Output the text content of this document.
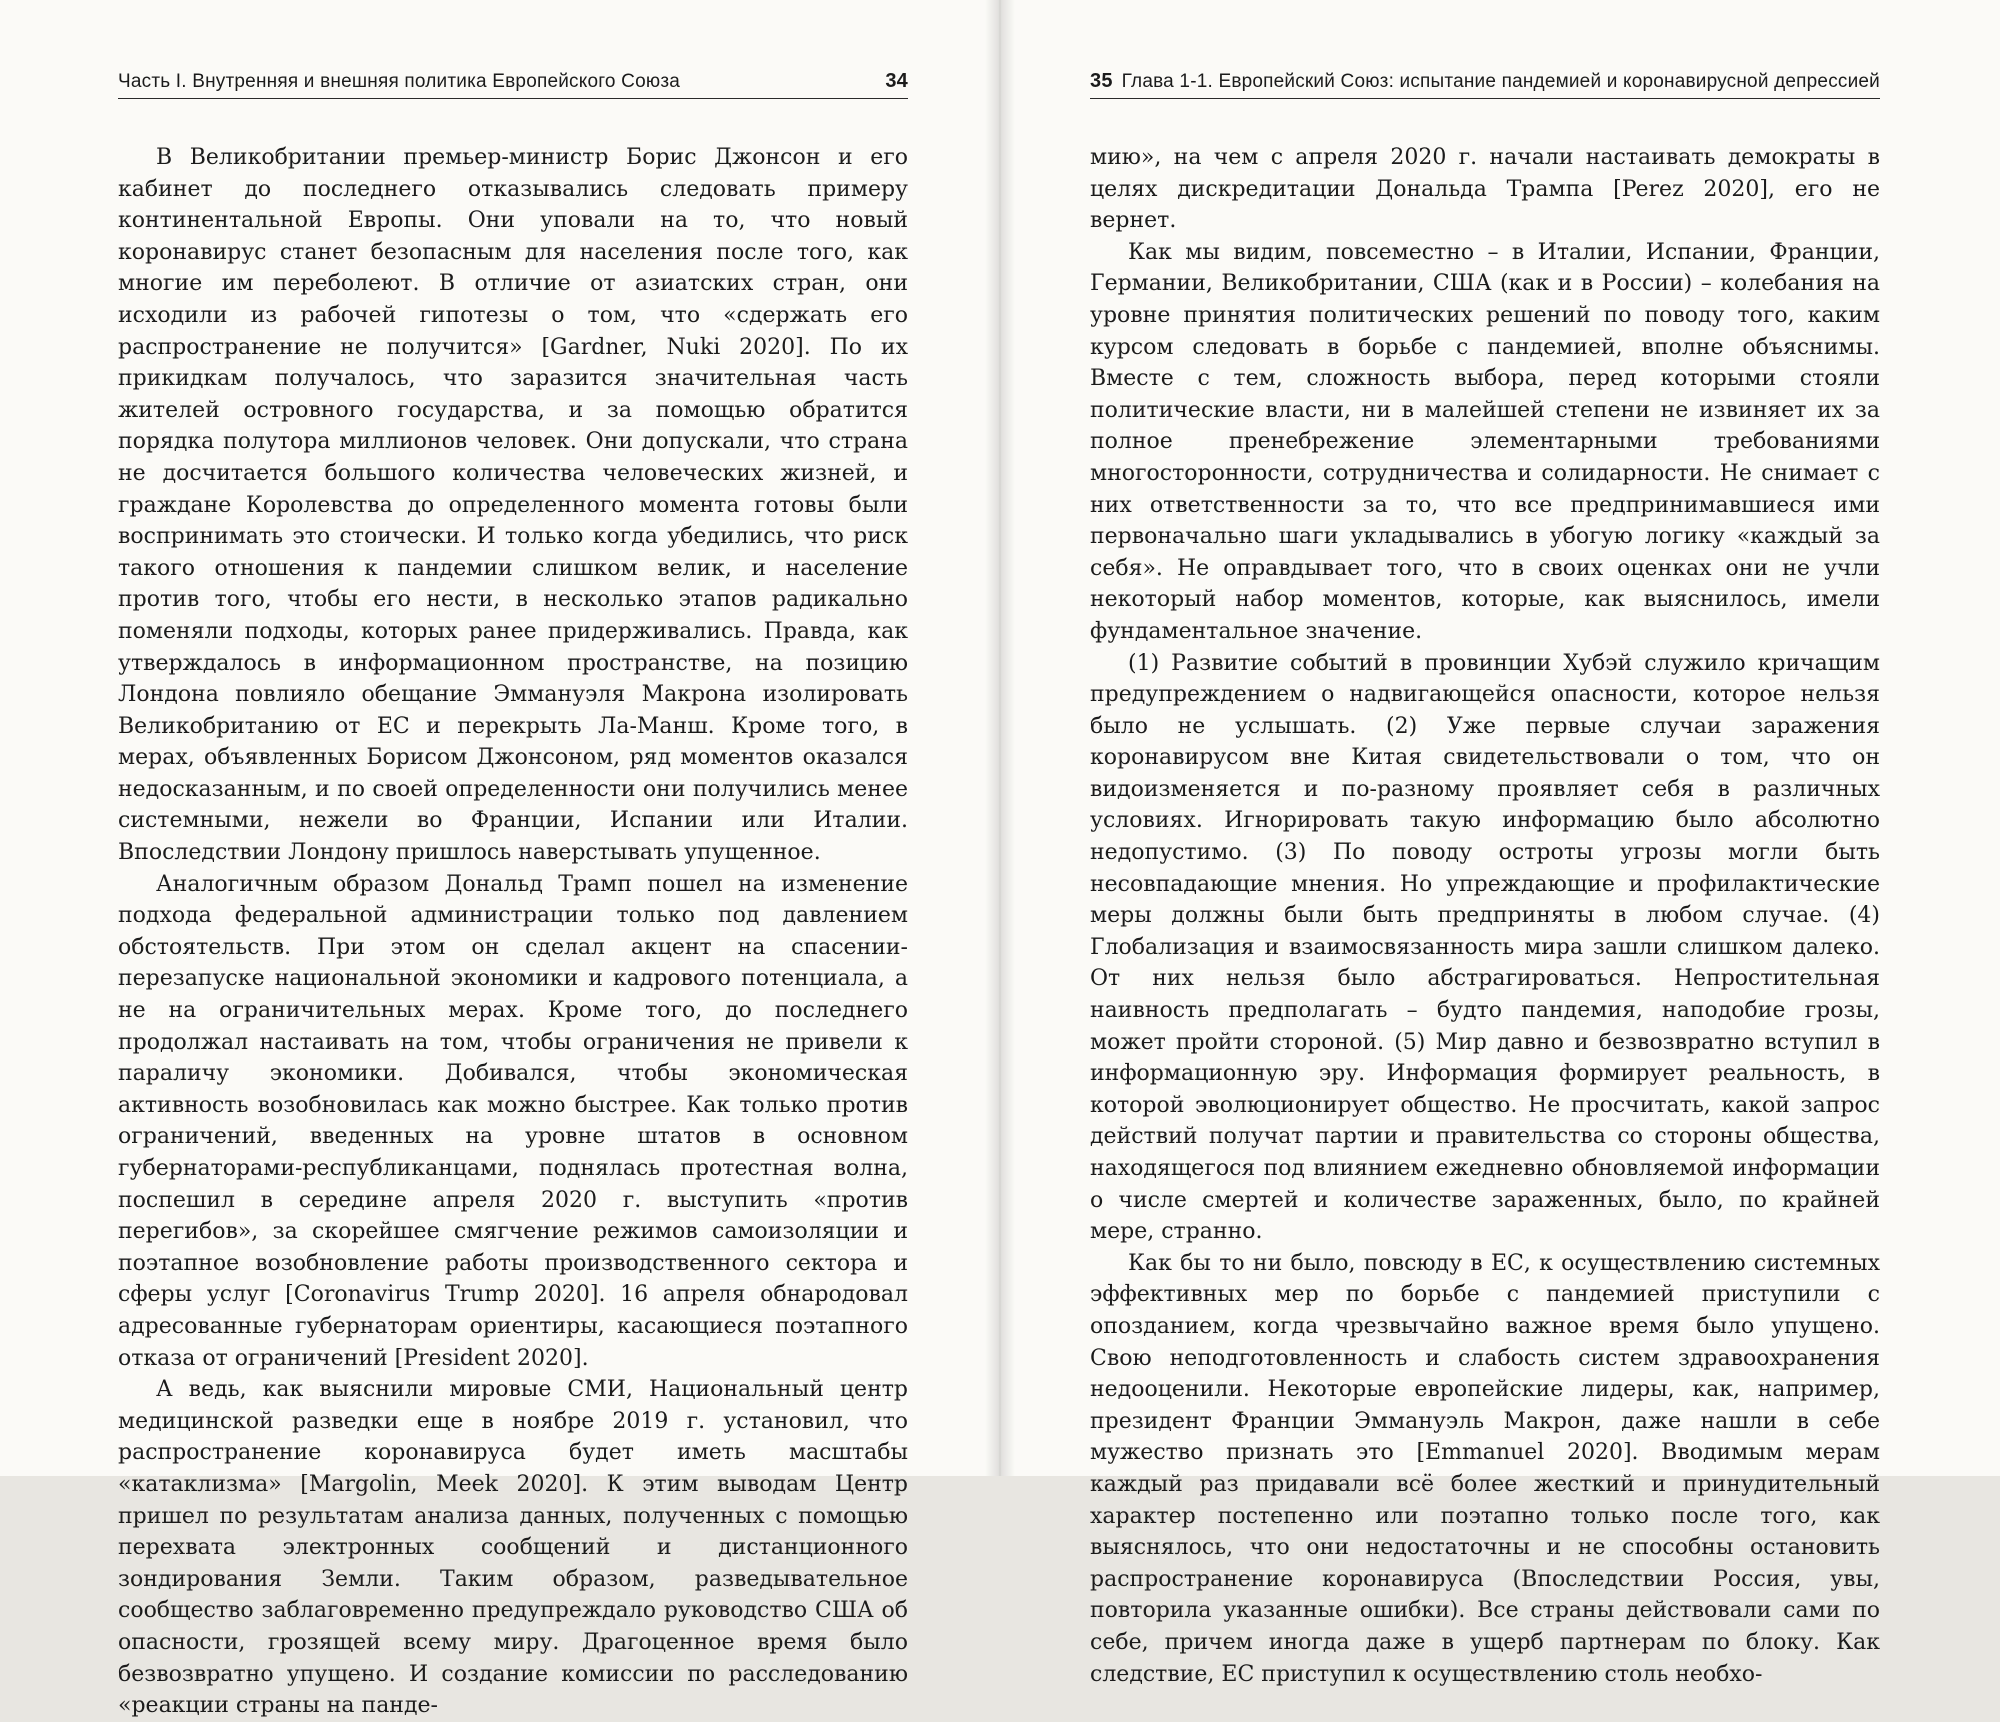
Часть I. Внутренняя и внешняя политика Европейского Союза	34

В Великобритании премьер-министр Борис Джонсон и его кабинет до последнего отказывались следовать примеру континентальной Европы. Они уповали на то, что новый коронавирус станет безопасным для населения после того, как многие им переболеют. В отличие от азиатских стран, они исходили из рабочей гипотезы о том, что «сдержать его распространение не получится» [Gardner, Nuki 2020]. По их прикидкам получалось, что заразится значительная часть жителей островного государства, и за помощью обратится порядка полутора миллионов человек. Они допускали, что страна не досчитается большого количества человеческих жизней, и граждане Королевства до определенного момента готовы были воспринимать это стоически. И только когда убедились, что риск такого отношения к пандемии слишком велик, и население против того, чтобы его нести, в несколько этапов радикально поменяли подходы, которых ранее придерживались. Правда, как утверждалось в информационном пространстве, на позицию Лондона повлияло обещание Эммануэля Макрона изолировать Великобританию от ЕС и перекрыть Ла-Манш. Кроме того, в мерах, объявленных Борисом Джонсоном, ряд моментов оказался недосказанным, и по своей определенности они получились менее системными, нежели во Франции, Испании или Италии. Впоследствии Лондону пришлось наверстывать упущенное.

Аналогичным образом Дональд Трамп пошел на изменение подхода федеральной администрации только под давлением обстоятельств. При этом он сделал акцент на спасении-перезапуске национальной экономики и кадрового потенциала, а не на ограничительных мерах. Кроме того, до последнего продолжал настаивать на том, чтобы ограничения не привели к параличу экономики. Добивался, чтобы экономическая активность возобновилась как можно быстрее. Как только против ограничений, введенных на уровне штатов в основном губернаторами-республиканцами, поднялась протестная волна, поспешил в середине апреля 2020 г. выступить «против перегибов», за скорейшее смягчение режимов самоизоляции и поэтапное возобновление работы производственного сектора и сферы услуг [Coronavirus Trump 2020]. 16 апреля обнародовал адресованные губернаторам ориентиры, касающиеся поэтапного отказа от ограничений [President 2020].

А ведь, как выяснили мировые СМИ, Национальный центр медицинской разведки еще в ноябре 2019 г. установил, что распространение коронавируса будет иметь масштабы «катаклизма» [Margolin, Meek 2020]. К этим выводам Центр пришел по результатам анализа данных, полученных с помощью перехвата электронных сообщений и дистанционного зондирования Земли. Таким образом, разведывательное сообщество заблаговременно предупреждало руководство США об опасности, грозящей всему миру. Драгоценное время было безвозвратно упущено. И создание комиссии по расследованию «реакции страны на панде-

35 Глава 1-1. Европейский Союз: испытание пандемией и коронавирусной депрессией

мию», на чем с апреля 2020 г. начали настаивать демократы в целях дискредитации Дональда Трампа [Perez 2020], его не вернет.

Как мы видим, повсеместно – в Италии, Испании, Франции, Германии, Великобритании, США (как и в России) – колебания на уровне принятия политических решений по поводу того, каким курсом следовать в борьбе с пандемией, вполне объяснимы. Вместе с тем, сложность выбора, перед которыми стояли политические власти, ни в малейшей степени не извиняет их за полное пренебрежение элементарными требованиями многосторонности, сотрудничества и солидарности. Не снимает с них ответственности за то, что все предпринимавшиеся ими первоначально шаги укладывались в убогую логику «каждый за себя». Не оправдывает того, что в своих оценках они не учли некоторый набор моментов, которые, как выяснилось, имели фундаментальное значение.

(1) Развитие событий в провинции Хубэй служило кричащим предупреждением о надвигающейся опасности, которое нельзя было не услышать. (2) Уже первые случаи заражения коронавирусом вне Китая свидетельствовали о том, что он видоизменяется и по-разному проявляет себя в различных условиях. Игнорировать такую информацию было абсолютно недопустимо. (3) По поводу остроты угрозы могли быть несовпадающие мнения. Но упреждающие и профилактические меры должны были быть предприняты в любом случае. (4) Глобализация и взаимосвязанность мира зашли слишком далеко. От них нельзя было абстрагироваться. Непростительная наивность предполагать – будто пандемия, наподобие грозы, может пройти стороной. (5) Мир давно и безвозвратно вступил в информационную эру. Информация формирует реальность, в которой эволюционирует общество. Не просчитать, какой запрос действий получат партии и правительства со стороны общества, находящегося под влиянием ежедневно обновляемой информации о числе смертей и количестве зараженных, было, по крайней мере, странно.

Как бы то ни было, повсюду в ЕС, к осуществлению системных эффективных мер по борьбе с пандемией приступили с опозданием, когда чрезвычайно важное время было упущено. Свою неподготовленность и слабость систем здравоохранения недооценили. Некоторые европейские лидеры, как, например, президент Франции Эммануэль Макрон, даже нашли в себе мужество признать это [Emmanuel 2020]. Вводимым мерам каждый раз придавали всё более жесткий и принудительный характер постепенно или поэтапно только после того, как выяснялось, что они недостаточны и не способны остановить распространение коронавируса (Впоследствии Россия, увы, повторила указанные ошибки). Все страны действовали сами по себе, причем иногда даже в ущерб партнерам по блоку. Как следствие, ЕС приступил к осуществлению столь необхо-
